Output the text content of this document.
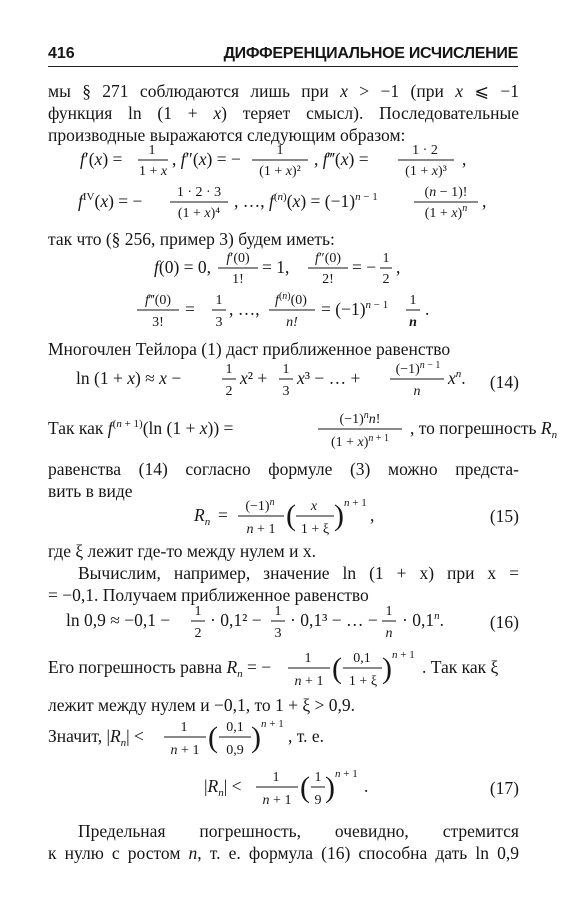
416	ДИФФЕРЕНЦИАЛЬНОЕ ИСЧИСЛЕНИЕ
мы § 271 соблюдаются лишь при x > −1 (при x ⩽ −1
функция ln (1 + x) теряет смысл). Последовательные
производные выражаются следующим образом:
f′(x) = 1
1 + x
, f″(x) = −	1
(1 + x)²
, f‴(x) =	1 · 2
(1 + x)³
,
$f^{IV}(x)$ = − 1 · 2 · 3
(1 + x)⁴
, …, $f^{(n)}(x) = (-1)^{n - 1}$	(n − 1)!
$(1 + x)^n$ ,
так что (§ 256, пример 3) будем иметь:
f(0) = 0, f′(0)
1!
= 1, f″(0)
2!
= − 1
2
,
f‴(0)
3!
= 1
3
, …, $f^{(n)}(0)$
n!
= $(-1)^{n - 1}$ 1
n
.
Многочлен Тейлора (1) даст приближенное равенство
ln (1 + x) ≈ x −	1
2
x² + 1
3
x³ − … +	$(-1)^{n - 1}$
n
$x^n$. (14)
Так как $f^{(n + 1)}(\ln$ (1 + x)) =	$(-1)^nn$!
$(1 + x)^{n + 1}$
, то погрешность $R_n$
равенства (14) согласно формуле (3) можно предста-
вить в виде
$R_n = (-1)^n$
n + 1 ( x
1 + ξ ) n + 1
,	(15)
где ξ лежит где-то между нулем и x.
Вычислим, например, значение ln (1 + x) при x =
= −0,1. Получаем приближенное равенство
ln 0,9 ≈ −0,1 − 1
2
· 0,1² − 1
3
· 0,1³ − … − 1
n
· $0,1^n$.	(16)
Его погрешность равна $R_n$ = − 1
n + 1 ( 0,1
1 + ξ ) n + 1
. Так как ξ
лежит между нулем и −0,1, то 1 + ξ > 0,9.
Значит, $|R_n|$ <	1
n + 1 ( 0,1
0,9 ) n + 1
, т. е.
$|R_n| < 1$
n + 1 ( 1
9 ) n + 1
.	(17)
Предельная погрешность, очевидно, стремится
к нулю с ростом n, т. е. формула (16) способна дать ln 0,9
